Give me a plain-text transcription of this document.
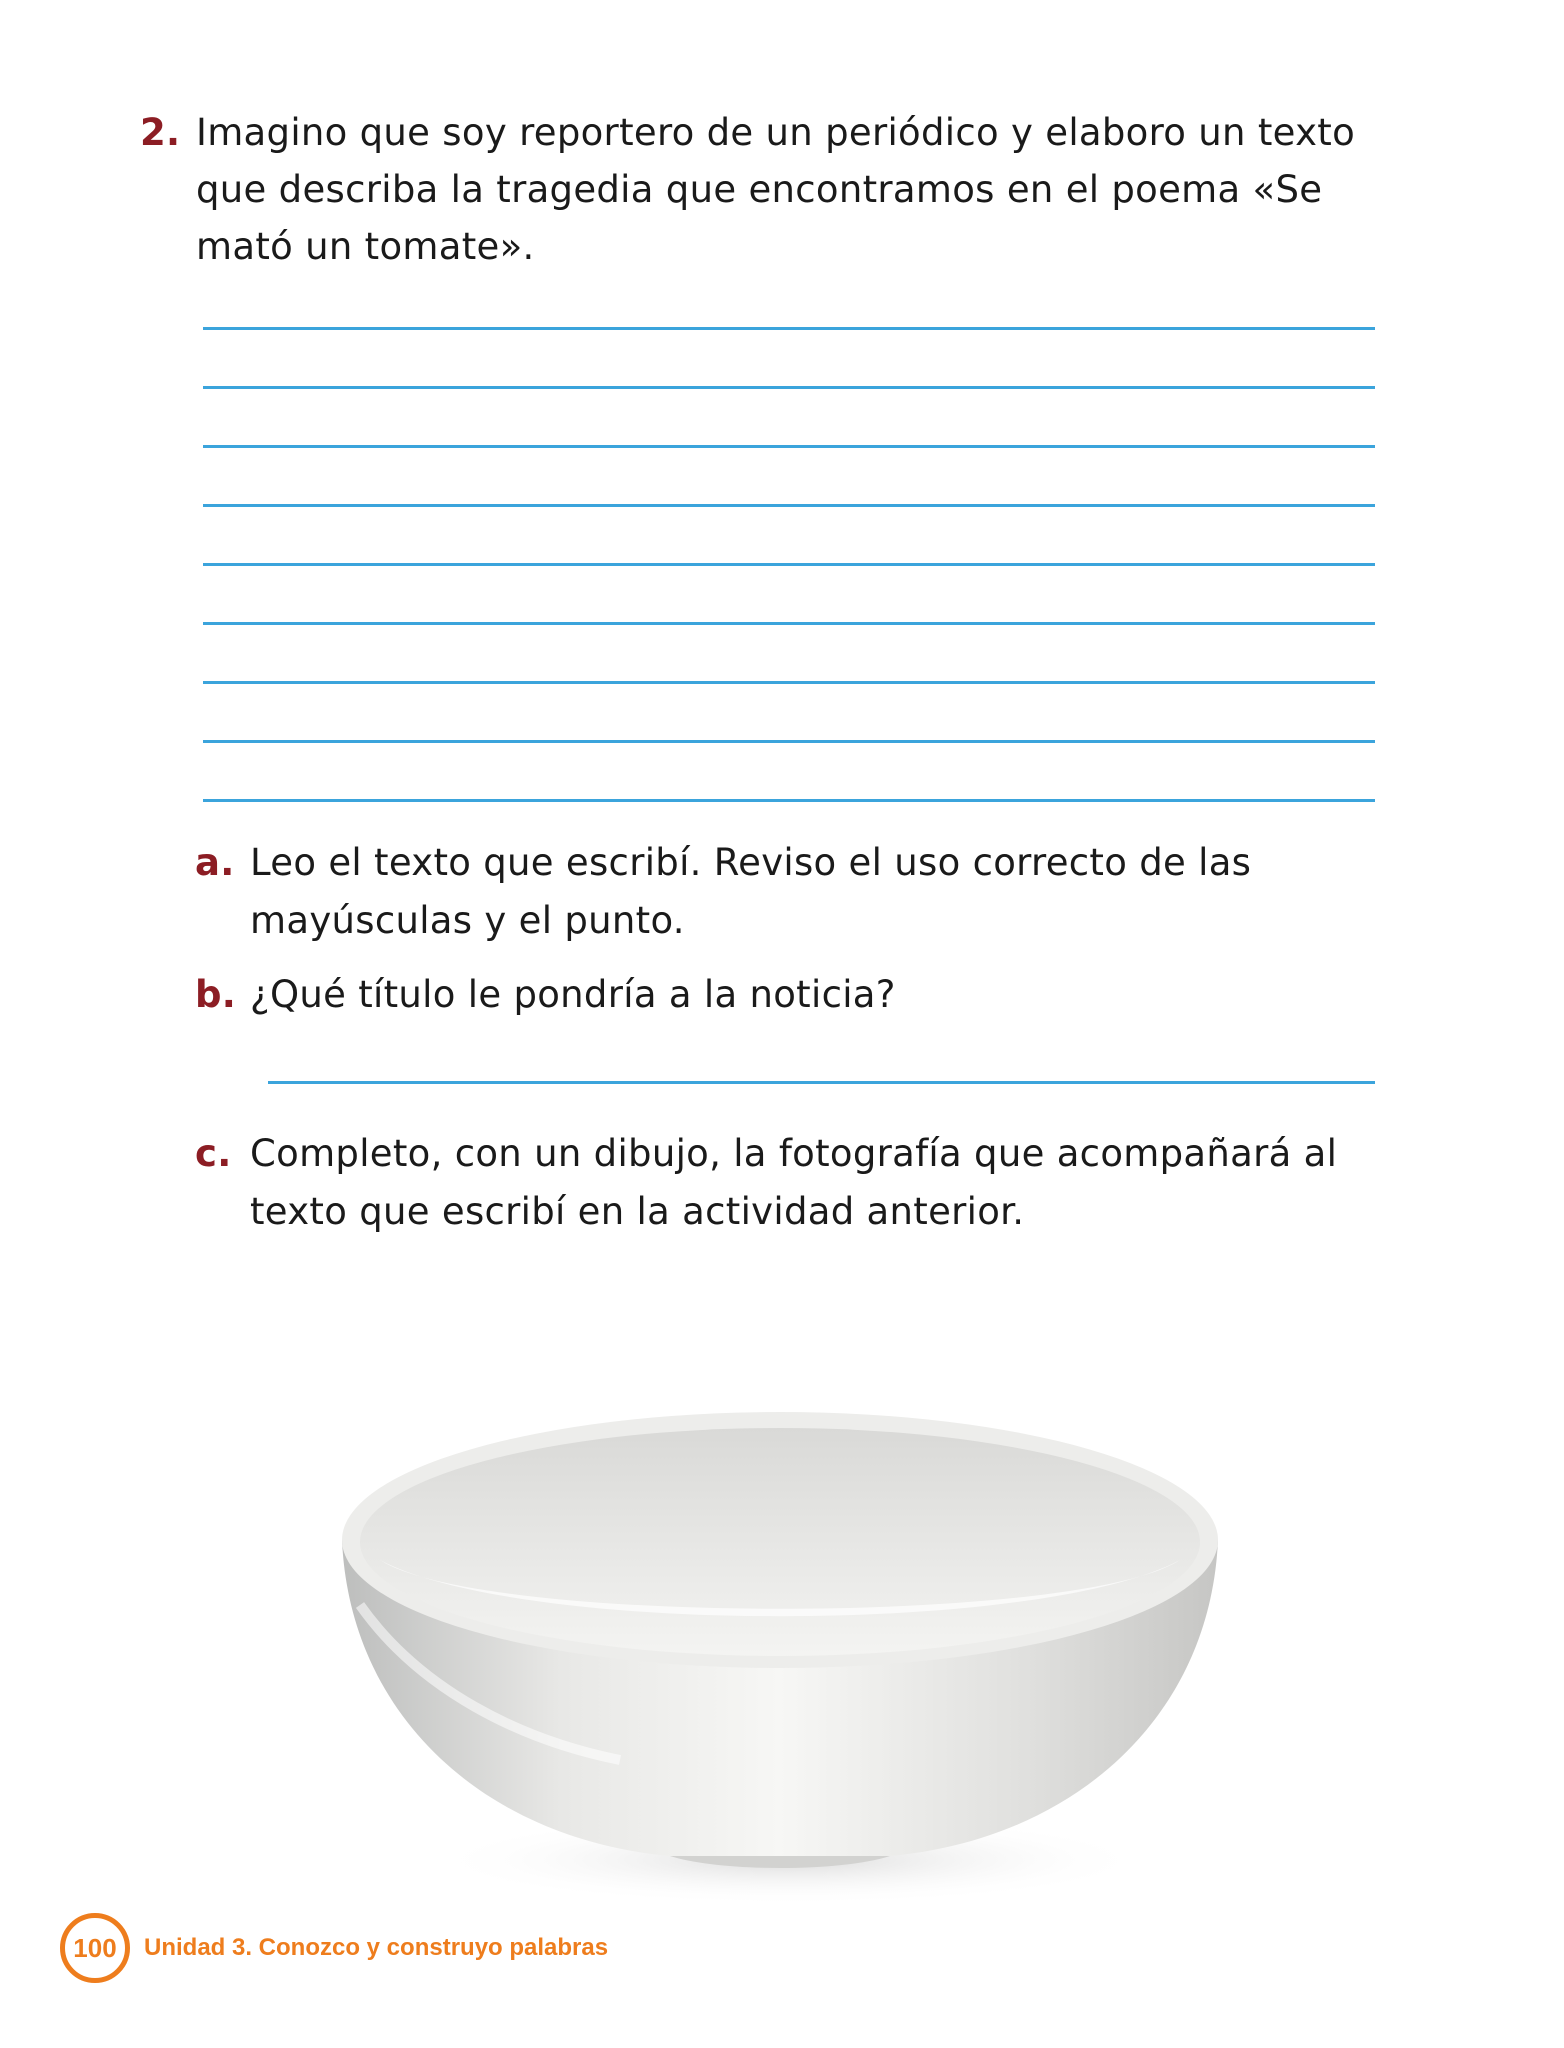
2. Imagino que soy reportero de un periódico y elaboro un texto que describa la tragedia que encontramos en el poema «Se mató un tomate».
a. Leo el texto que escribí. Reviso el uso correcto de las mayúsculas y el punto.
b. ¿Qué título le pondría a la noticia?
c. Completo, con un dibujo, la fotografía que acompañará al texto que escribí en la actividad anterior.
100	Unidad 3. Conozco y construyo palabras
